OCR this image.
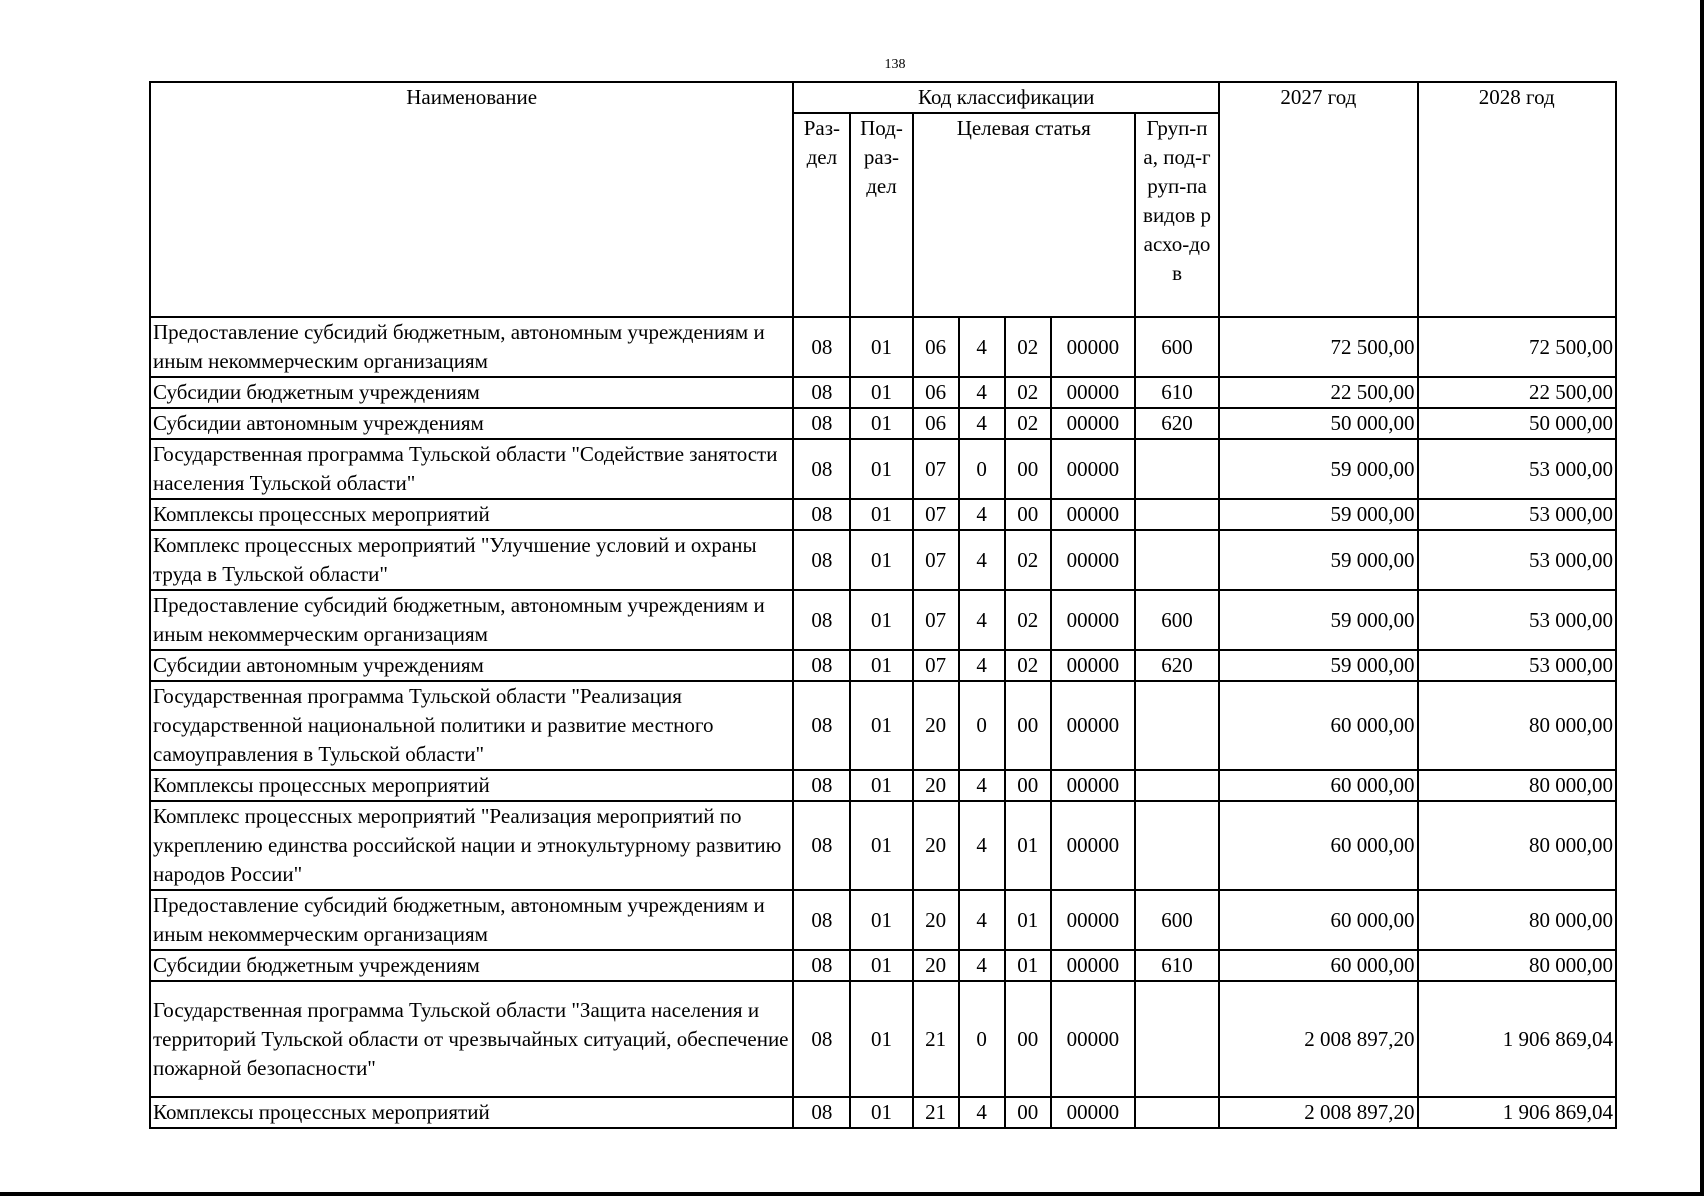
138
Наименование	Код классификации							2027 год	2028 год

	Раз-дел	Под-раз-дел	Целевая статья				Груп-па, под-груп-па видов расхо-дов		

Предоставление субсидий бюджетным, автономным учреждениям и иным некоммерческим организациям	08	01	06	4	02	00000	600	72 500,00	72 500,00
Субсидии бюджетным учреждениям	08	01	06	4	02	00000	610	22 500,00	22 500,00
Субсидии автономным учреждениям	08	01	06	4	02	00000	620	50 000,00	50 000,00
Государственная программа Тульской области "Содействие занятости населения Тульской области"	08	01	07	0	00	00000		59 000,00	53 000,00
Комплексы процессных мероприятий	08	01	07	4	00	00000		59 000,00	53 000,00
Комплекс процессных мероприятий "Улучшение условий и охраны труда в Тульской области"	08	01	07	4	02	00000		59 000,00	53 000,00
Предоставление субсидий бюджетным, автономным учреждениям и иным некоммерческим организациям	08	01	07	4	02	00000	600	59 000,00	53 000,00
Субсидии автономным учреждениям	08	01	07	4	02	00000	620	59 000,00	53 000,00
Государственная программа Тульской области "Реализация государственной национальной политики и развитие местного самоуправления в Тульской области"	08	01	20	0	00	00000		60 000,00	80 000,00
Комплексы процессных мероприятий	08	01	20	4	00	00000		60 000,00	80 000,00
Комплекс процессных мероприятий "Реализация мероприятий по укреплению единства российской нации и этнокультурному развитию народов России"	08	01	20	4	01	00000		60 000,00	80 000,00
Предоставление субсидий бюджетным, автономным учреждениям и иным некоммерческим организациям	08	01	20	4	01	00000	600	60 000,00	80 000,00
Субсидии бюджетным учреждениям	08	01	20	4	01	00000	610	60 000,00	80 000,00
Государственная программа Тульской области "Защита населения и территорий Тульской области от чрезвычайных ситуаций, обеспечение пожарной безопасности"	08	01	21	0	00	00000		2 008 897,20	1 906 869,04
Комплексы процессных мероприятий	08	01	21	4	00	00000		2 008 897,20	1 906 869,04
